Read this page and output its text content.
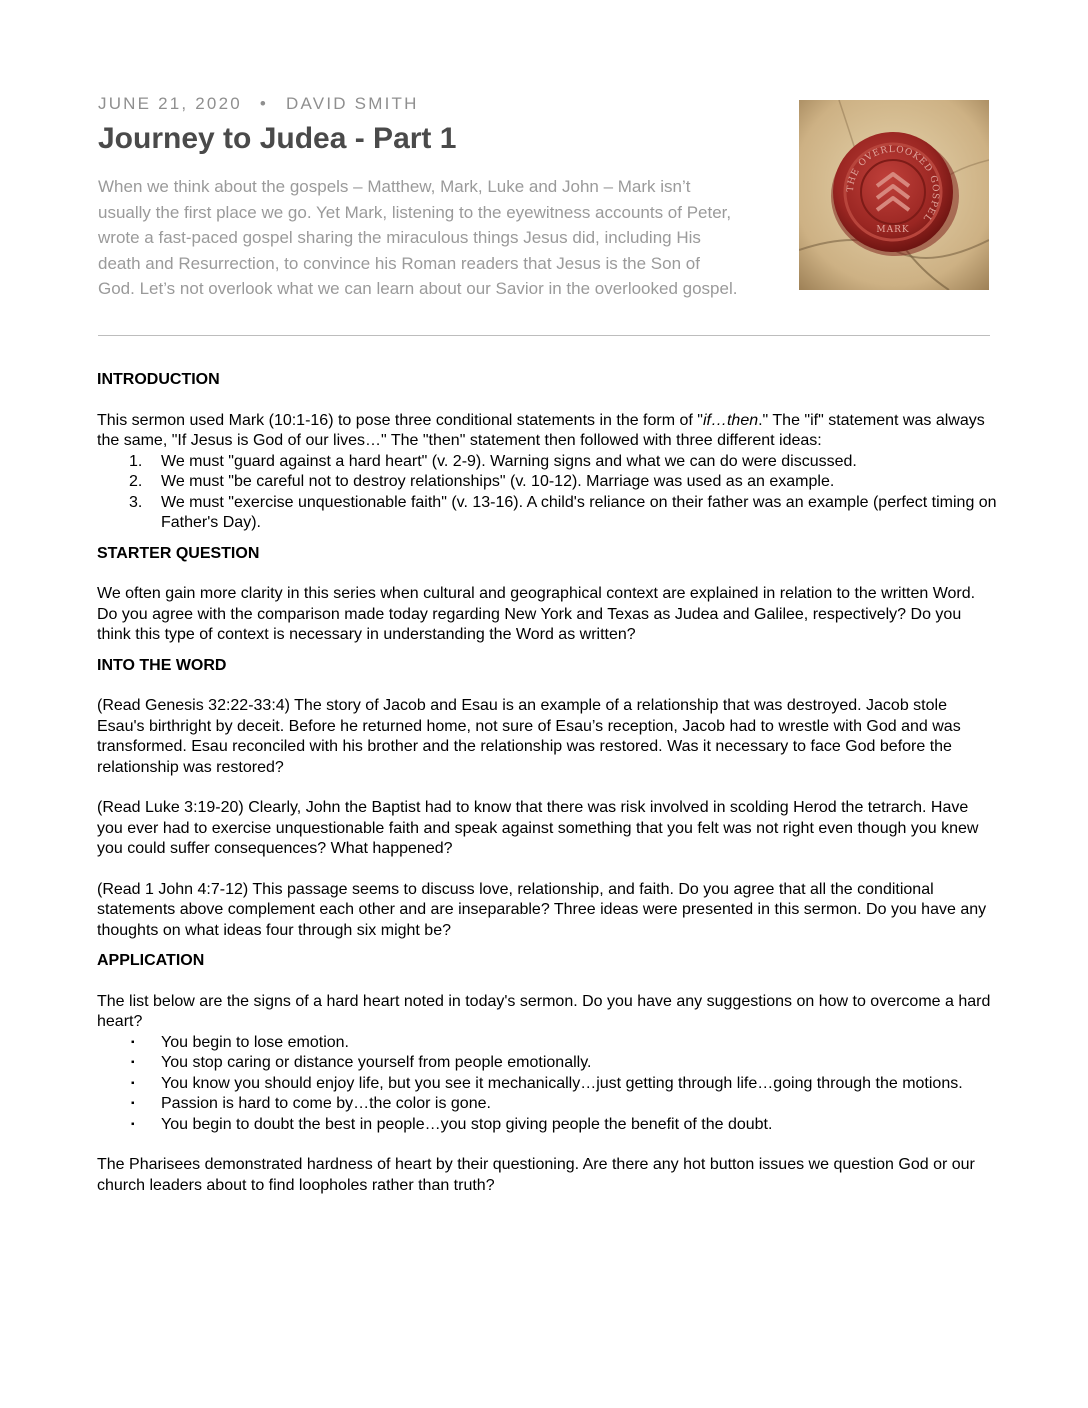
JUNE 21, 2020 • DAVID SMITH
Journey to Judea - Part 1
When we think about the gospels – Matthew, Mark, Luke and John – Mark isn’t usually the first place we go. Yet Mark, listening to the eyewitness accounts of Peter, wrote a fast-paced gospel sharing the miraculous things Jesus did, including His death and Resurrection, to convince his Roman readers that Jesus is the Son of God. Let’s not overlook what we can learn about our Savior in the overlooked gospel.
THE OVERLOOKED GOSPEL
MARK

INTRODUCTION

This sermon used Mark (10:1-16) to pose three conditional statements in the form of "if…then." The "if" statement was always the same, "If Jesus is God of our lives…" The "then" statement then followed with three different ideas:

1. We must "guard against a hard heart" (v. 2-9). Warning signs and what we can do were discussed.
2. We must "be careful not to destroy relationships" (v. 10-12). Marriage was used as an example.
3. We must "exercise unquestionable faith" (v. 13-16). A child's reliance on their father was an example (perfect timing on Father's Day).

STARTER QUESTION

We often gain more clarity in this series when cultural and geographical context are explained in relation to the written Word. Do you agree with the comparison made today regarding New York and Texas as Judea and Galilee, respectively? Do you think this type of context is necessary in understanding the Word as written?

INTO THE WORD

(Read Genesis 32:22-33:4) The story of Jacob and Esau is an example of a relationship that was destroyed. Jacob stole Esau's birthright by deceit. Before he returned home, not sure of Esau’s reception, Jacob had to wrestle with God and was transformed. Esau reconciled with his brother and the relationship was restored. Was it necessary to face God before the relationship was restored?

(Read Luke 3:19-20) Clearly, John the Baptist had to know that there was risk involved in scolding Herod the tetrarch. Have you ever had to exercise unquestionable faith and speak against something that you felt was not right even though you knew you could suffer consequences? What happened?

(Read 1 John 4:7-12) This passage seems to discuss love, relationship, and faith. Do you agree that all the conditional statements above complement each other and are inseparable? Three ideas were presented in this sermon. Do you have any thoughts on what ideas four through six might be?

APPLICATION

The list below are the signs of a hard heart noted in today's sermon. Do you have any suggestions on how to overcome a hard heart?

▪ You begin to lose emotion.
▪ You stop caring or distance yourself from people emotionally.
▪ You know you should enjoy life, but you see it mechanically…just getting through life…going through the motions.
▪ Passion is hard to come by…the color is gone.
▪ You begin to doubt the best in people…you stop giving people the benefit of the doubt.

The Pharisees demonstrated hardness of heart by their questioning. Are there any hot button issues we question God or our church leaders about to find loopholes rather than truth?
